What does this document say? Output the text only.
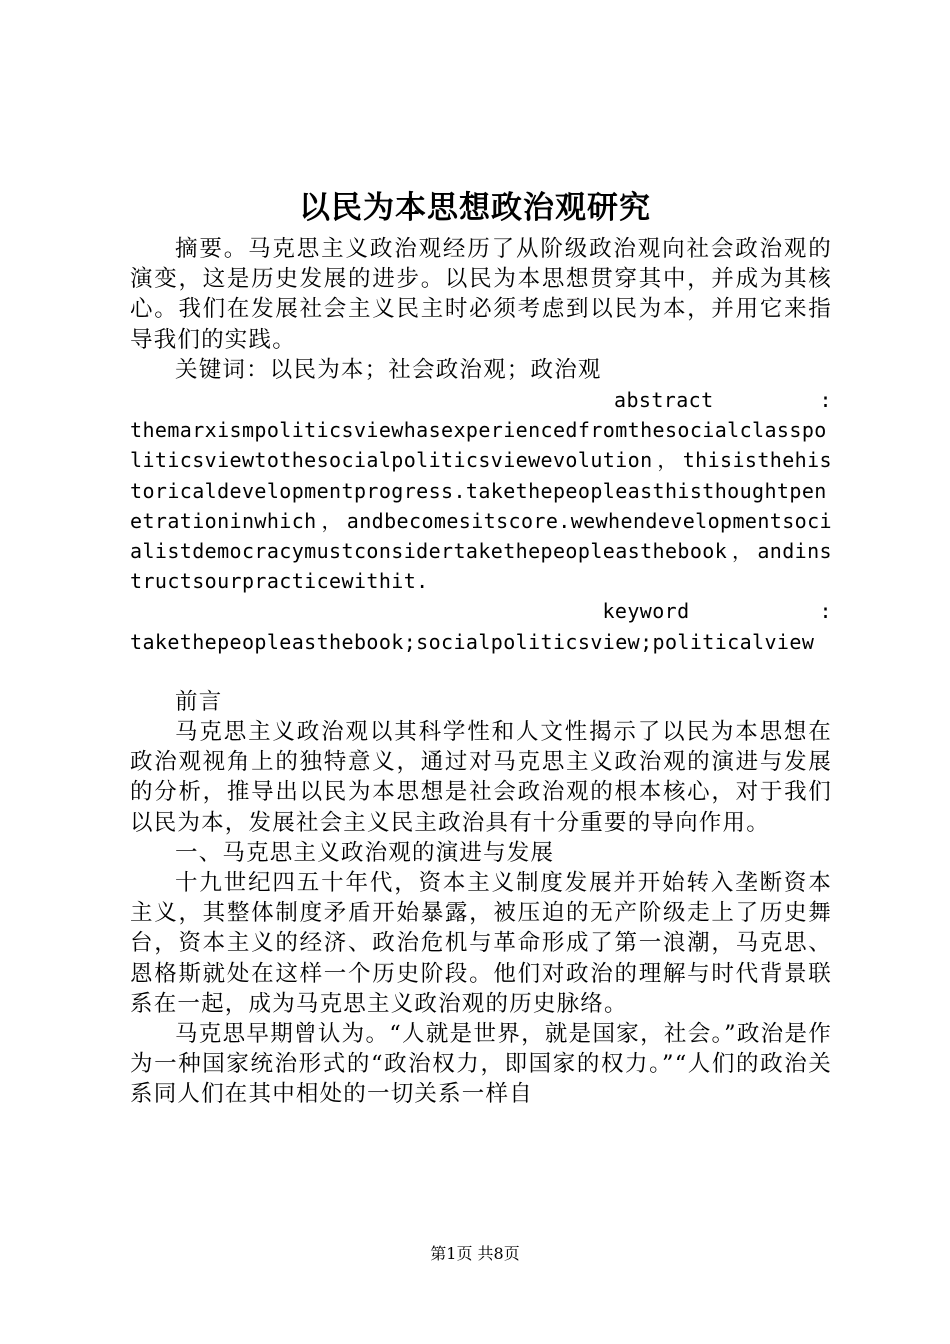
以民为本思想政治观研究

摘要。马克思主义政治观经历了从阶级政治观向社会政治观的演变，这是历史发展的进步。以民为本思想贯穿其中，并成为其核心。我们在发展社会主义民主时必须考虑到以民为本，并用它来指导我们的实践。

关键词：以民为本；社会政治观；政治观

abstract	:
themarxismpoliticsviewhasexperiencedfromthesocialclasspoliticsviewtothesocialpoliticsviewevolution，thisisthehistoricaldevelopmentprogress.takethepeopleasthisthoughtpenetrationinwhich，andbecomesitscore.wewhendevelopmentsocialistdemocracymustconsidertakethepeopleasthebook，andinstructsourpracticewithit.

keyword	:
takethepeopleasthebook;socialpoliticsview;politicalview

前言

马克思主义政治观以其科学性和人文性揭示了以民为本思想在政治观视角上的独特意义，通过对马克思主义政治观的演进与发展的分析，推导出以民为本思想是社会政治观的根本核心，对于我们以民为本，发展社会主义民主政治具有十分重要的导向作用。

一、马克思主义政治观的演进与发展

十九世纪四五十年代，资本主义制度发展并开始转入垄断资本主义，其整体制度矛盾开始暴露，被压迫的无产阶级走上了历史舞台，资本主义的经济、政治危机与革命形成了第一浪潮，马克思、恩格斯就处在这样一个历史阶段。他们对政治的理解与时代背景联系在一起，成为马克思主义政治观的历史脉络。

马克思早期曾认为。“人就是世界，就是国家，社会。”政治是作为一种国家统治形式的“政治权力，即国家的权力。”“人们的政治关系同人们在其中相处的一切关系一样自

第1页 共8页
